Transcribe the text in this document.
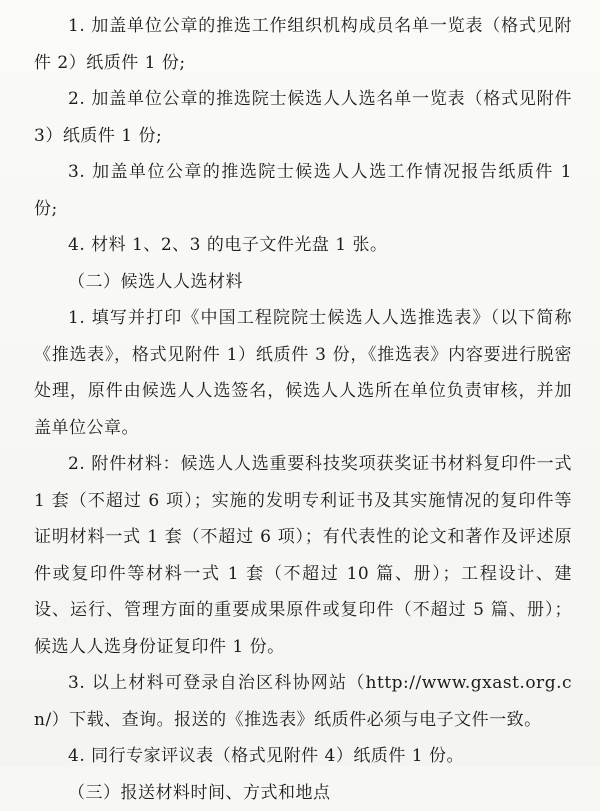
1. 加盖单位公章的推选工作组织机构成员名单一览表（格式见附件 2）纸质件 1 份;

2. 加盖单位公章的推选院士候选人人选名单一览表（格式见附件 3）纸质件 1 份;

3. 加盖单位公章的推选院士候选人人选工作情况报告纸质件 1 份;

4. 材料 1、2、3 的电子文件光盘 1 张。

（二）候选人人选材料

1. 填写并打印《中国工程院院士候选人人选推选表》（以下简称《推选表》，格式见附件 1）纸质件 3 份，《推选表》内容要进行脱密处理，原件由候选人人选签名，候选人人选所在单位负责审核，并加盖单位公章。

2. 附件材料：候选人人选重要科技奖项获奖证书材料复印件一式 1 套（不超过 6 项）；实施的发明专利证书及其实施情况的复印件等证明材料一式 1 套（不超过 6 项）；有代表性的论文和著作及评述原件或复印件等材料一式 1 套（不超过 10 篇、册）；工程设计、建设、运行、管理方面的重要成果原件或复印件（不超过 5 篇、册）；候选人人选身份证复印件 1 份。

3. 以上材料可登录自治区科协网站（http://www.gxast.org.cn/）下载、查询。报送的《推选表》纸质件必须与电子文件一致。

4. 同行专家评议表（格式见附件 4）纸质件 1 份。

（三）报送材料时间、方式和地点
